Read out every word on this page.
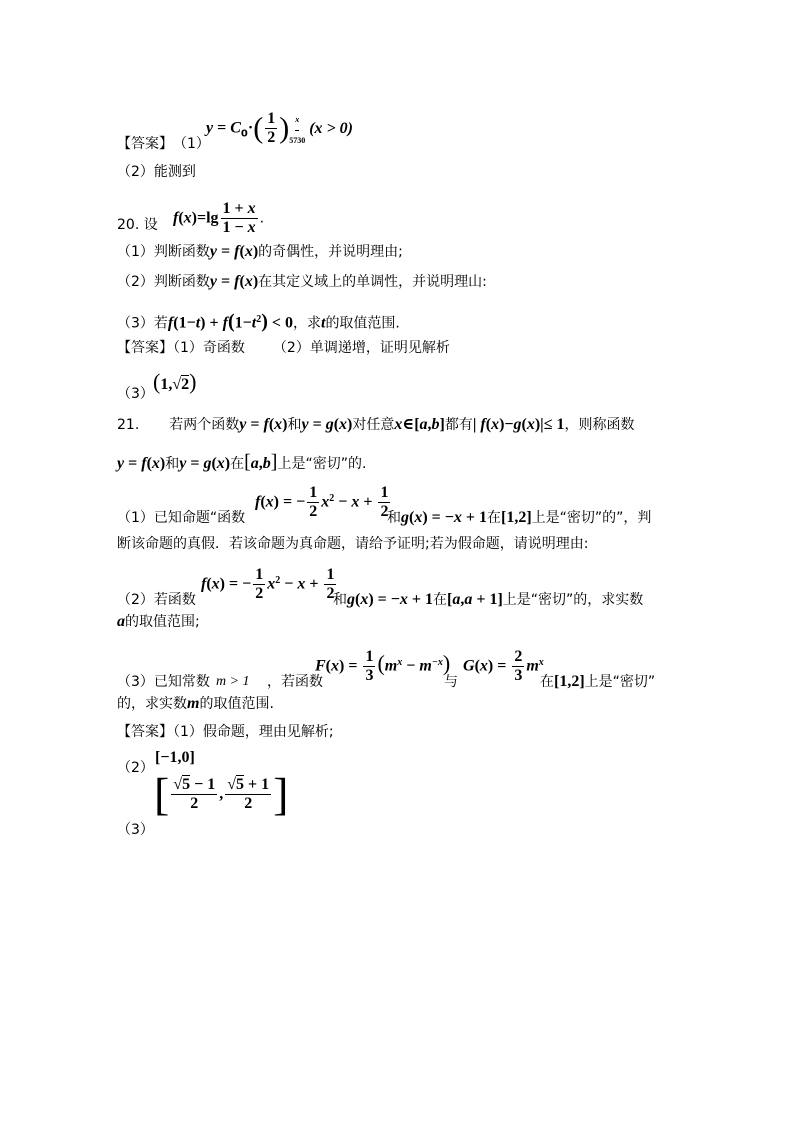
【答案】 （1）
$y = C_0\cdot( \frac{1}{2}$ ) $\frac{x}{5730} (x > 0)$
（2）能测到
20. 设 $f(x)=\lg \frac{1 + x}{1 - x}$ .
（1）判断函数y = f(x)的奇偶性，并说明理由;
（2）判断函数y = f(x)在其定义域上的单调性，并说明理山:
（3）若$f(1-t) + f(1-t^2) < 0$，求t的取值范围.
【答案】（1）奇函数 （2）单调递增，证明见解析
（3） (1,√2)
21. 若两个函数y = f(x)和y = g(x)对任意x∈[a,b]都有| f(x)−g(x)|≤ 1，则称函数
y = f(x)和y = g(x)在[a,b]上是“密切”的.
（1）已知命题“函数
f(x) = − $\frac{1}{2} x^2 - x + \frac{1}{2}$
和g(x) = −x + 1在[1,2]上是“密切”的”，判
断该命题的真假．若该命题为真命题，请给予证明;若为假命题，请说明理由:
（2）若函数
f(x) = − $\frac{1}{2} x^2 - x + \frac{1}{2}$
和g(x) = −x + 1在[a,a + 1]上是“密切”的，求实数
a的取值范围;
（3）已知常数 m > 1 ，若函数
$F(x) = \frac{1}{3} (m^x - m^{-x})$
与
$G(x) = \frac{2}{3} m^x$
在[1,2]上是“密切”
的，求实数m的取值范围.
【答案】（1）假命题，理由见解析;
（2）
[−1,0]
（3）
[ $\frac{√5 - 1}{2}$ , $\frac{√5 + 1}{2}$ ]
